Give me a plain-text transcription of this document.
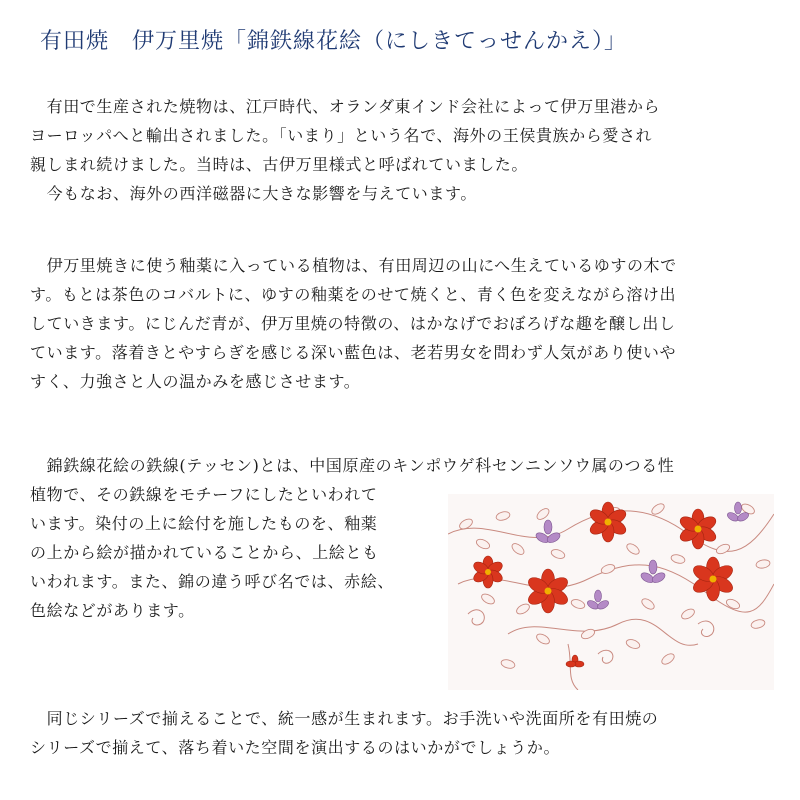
有田焼　伊万里焼「錦鉄線花絵（にしきてっせんかえ）」
　有田で生産された焼物は、江戸時代、オランダ東インド会社によって伊万里港から
ヨーロッパへと輸出されました。「いまり」という名で、海外の王侯貴族から愛され
親しまれ続けました。当時は、古伊万里様式と呼ばれていました。
　今もなお、海外の西洋磁器に大きな影響を与えています。
　伊万里焼きに使う釉薬に入っている植物は、有田周辺の山にへ生えているゆすの木で
す。もとは茶色のコバルトに、ゆすの釉薬をのせて焼くと、青く色を変えながら溶け出
していきます。にじんだ青が、伊万里焼の特徴の、はかなげでおぼろげな趣を醸し出し
ています。落着きとやすらぎを感じる深い藍色は、老若男女を問わず人気があり使いや
すく、力強さと人の温かみを感じさせます。
　錦鉄線花絵の鉄線(テッセン)とは、中国原産のキンポウゲ科センニンソウ属のつる性
植物で、その鉄線をモチーフにしたといわれて
います。染付の上に絵付を施したものを、釉薬
の上から絵が描かれていることから、上絵とも
いわれます。また、錦の違う呼び名では、赤絵、
色絵などがあります。
　同じシリーズで揃えることで、統一感が生まれます。お手洗いや洗面所を有田焼の
シリーズで揃えて、落ち着いた空間を演出するのはいかがでしょうか。
